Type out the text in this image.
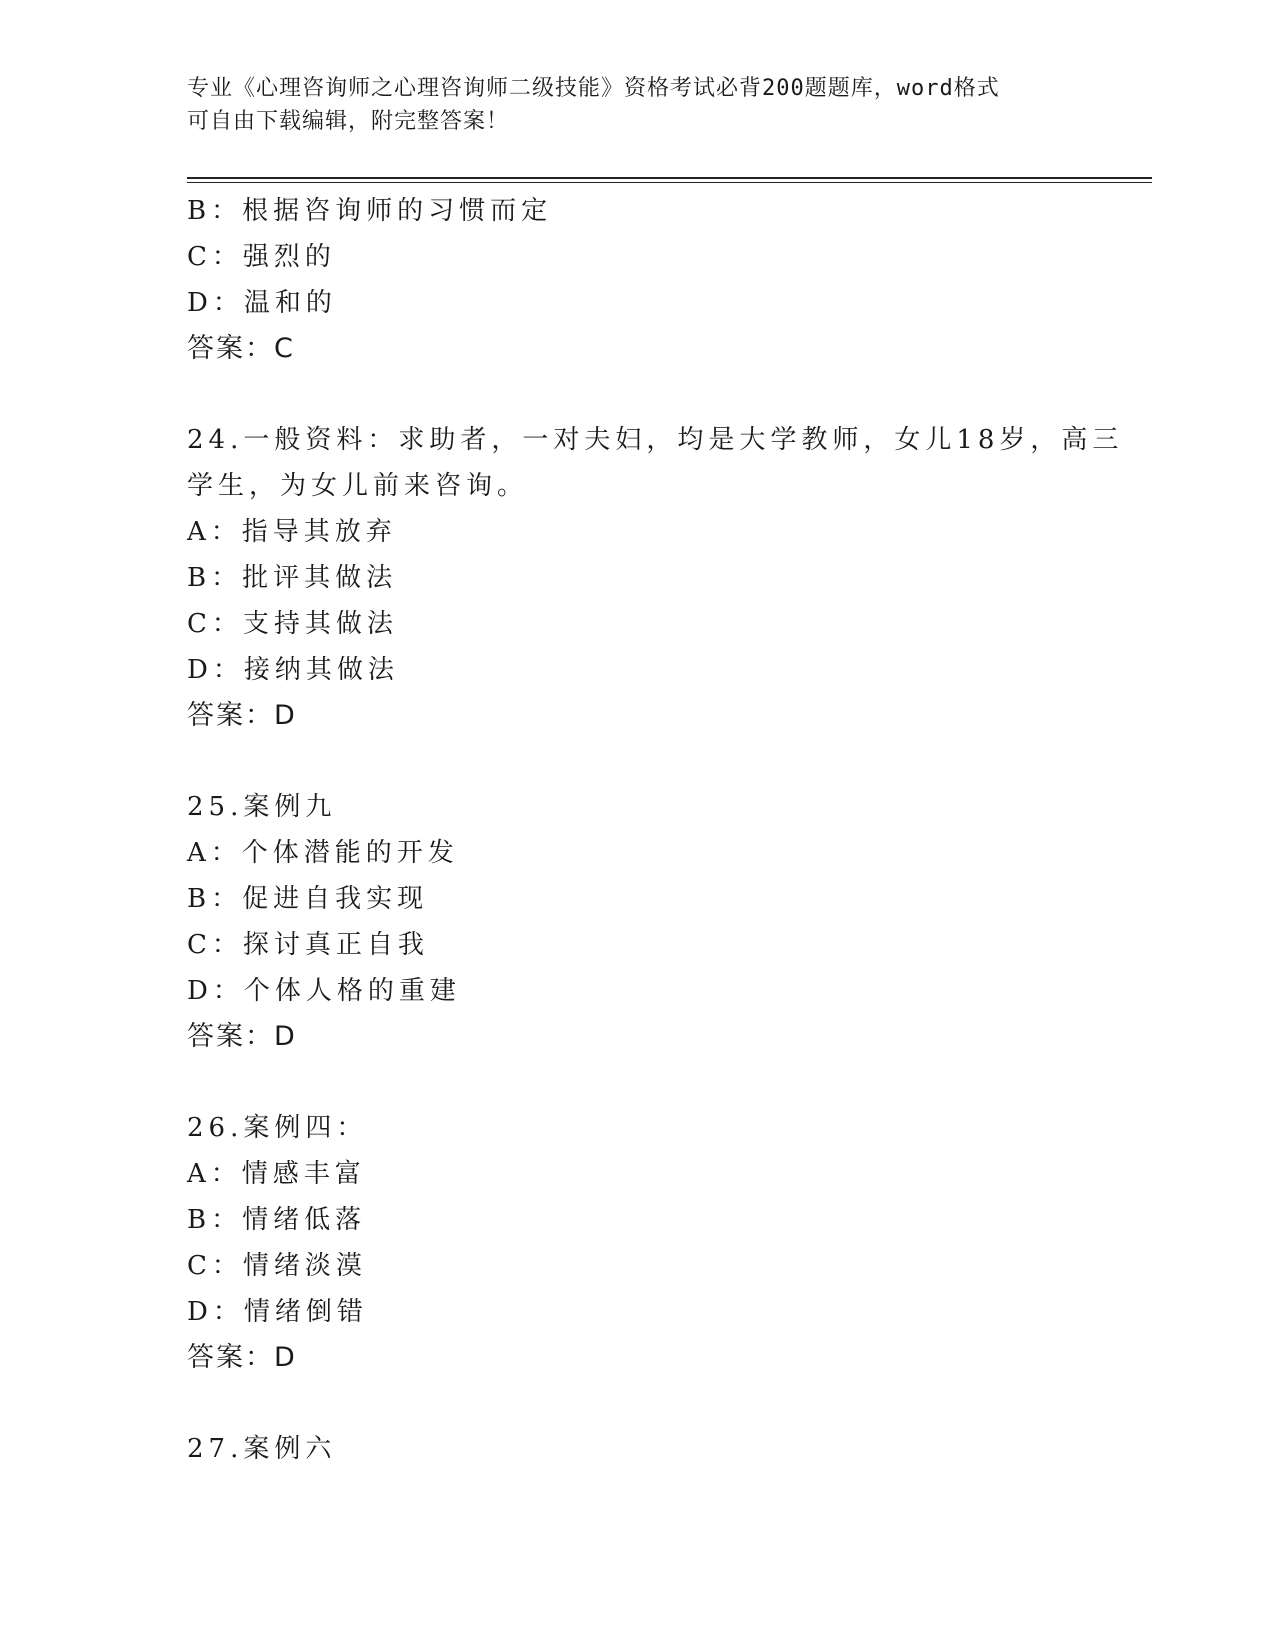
专业《心理咨询师之心理咨询师二级技能》资格考试必背200题题库，word格式
可自由下载编辑，附完整答案！
B：根据咨询师的习惯而定
C：强烈的
D：温和的
答案：C
24.一般资料：求助者，一对夫妇，均是大学教师，女儿18岁，高三
学生，为女儿前来咨询。
A：指导其放弃
B：批评其做法
C：支持其做法
D：接纳其做法
答案：D
25.案例九
A：个体潜能的开发
B：促进自我实现
C：探讨真正自我
D：个体人格的重建
答案：D
26.案例四：
A：情感丰富
B：情绪低落
C：情绪淡漠
D：情绪倒错
答案：D
27.案例六
